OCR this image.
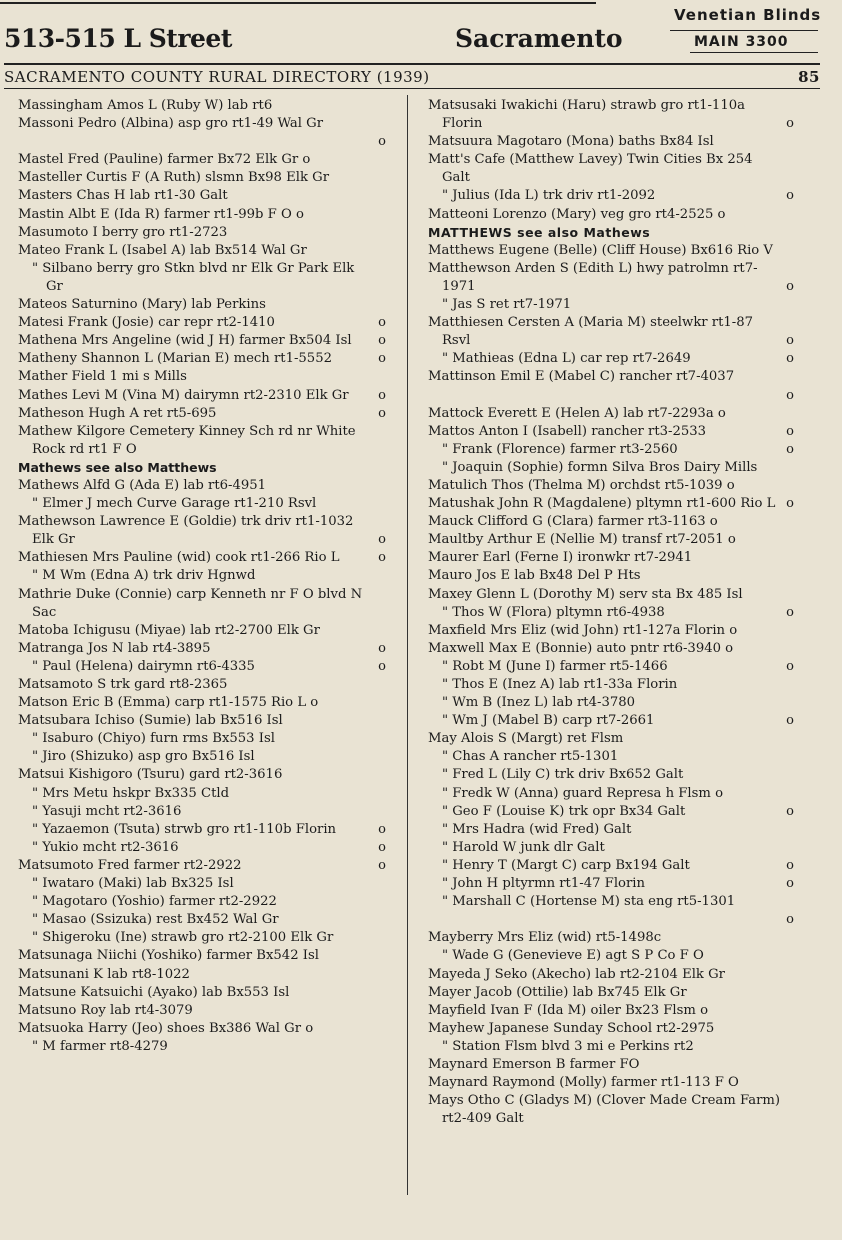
513-515 L Street	Sacramento
Venetian Blinds
MAIN 3300
SACRAMENTO COUNTY RURAL DIRECTORY (1939)	85
Massingham Amos L (Ruby W) lab rt6
Massoni Pedro (Albina) asp gro rt1-49 Wal Gr
o
Mastel Fred (Pauline) farmer Bx72 Elk Gr o
Masteller Curtis F (A Ruth) slsmn Bx98 Elk Gr
Masters Chas H lab rt1-30 Galt
Mastin Albt E (Ida R) farmer rt1-99b F O o
Masumoto I berry gro rt1-2723
Mateo Frank L (Isabel A) lab Bx514 Wal Gr
" Silbano berry gro Stkn blvd nr Elk Gr Park Elk Gr
Mateos Saturnino (Mary) lab Perkins
Matesi Frank (Josie) car repr rt2-1410	o
Mathena Mrs Angeline (wid J H) farmer Bx504 Isl	o
Matheny Shannon L (Marian E) mech rt1-5552	o
Mather Field 1 mi s Mills
Mathes Levi M (Vina M) dairymn rt2-2310 Elk Gr	o
Matheson Hugh A ret rt5-695	o
Mathew Kilgore Cemetery Kinney Sch rd nr White Rock rd rt1 F O
Mathews see also Matthews
Mathews Alfd G (Ada E) lab rt6-4951
" Elmer J mech Curve Garage rt1-210 Rsvl
Mathewson Lawrence E (Goldie) trk driv rt1-1032 Elk Gr	o
Mathiesen Mrs Pauline (wid) cook rt1-266 Rio L	o
" M Wm (Edna A) trk driv Hgnwd
Mathrie Duke (Connie) carp Kenneth nr F O blvd N Sac
Matoba Ichigusu (Miyae) lab rt2-2700 Elk Gr
Matranga Jos N lab rt4-3895	o
" Paul (Helena) dairymn rt6-4335	o
Matsamoto S trk gard rt8-2365
Matson Eric B (Emma) carp rt1-1575 Rio L o
Matsubara Ichiso (Sumie) lab Bx516 Isl
" Isaburo (Chiyo) furn rms Bx553 Isl
" Jiro (Shizuko) asp gro Bx516 Isl
Matsui Kishigoro (Tsuru) gard rt2-3616
" Mrs Metu hskpr Bx335 Ctld
" Yasuji mcht rt2-3616
" Yazaemon (Tsuta) strwb gro rt1-110b Florin	o
" Yukio mcht rt2-3616	o
Matsumoto Fred farmer rt2-2922	o
" Iwataro (Maki) lab Bx325 Isl
" Magotaro (Yoshio) farmer rt2-2922
" Masao (Ssizuka) rest Bx452 Wal Gr
" Shigeroku (Ine) strawb gro rt2-2100 Elk Gr
Matsunaga Niichi (Yoshiko) farmer Bx542 Isl
Matsunani K lab rt8-1022
Matsune Katsuichi (Ayako) lab Bx553 Isl
Matsuno Roy lab rt4-3079
Matsuoka Harry (Jeo) shoes Bx386 Wal Gr o
" M farmer rt8-4279
Matsusaki Iwakichi (Haru) strawb gro rt1-110a Florin	o
Matsuura Magotaro (Mona) baths Bx84 Isl
Matt's Cafe (Matthew Lavey) Twin Cities Bx 254 Galt
" Julius (Ida L) trk driv rt1-2092	o
Matteoni Lorenzo (Mary) veg gro rt4-2525 o
MATTHEWS see also Mathews
Matthews Eugene (Belle) (Cliff House) Bx616 Rio V
Matthewson Arden S (Edith L) hwy patrolmn rt7-1971	o
" Jas S ret rt7-1971
Matthiesen Cersten A (Maria M) steelwkr rt1-87 Rsvl	o
" Mathieas (Edna L) car rep rt7-2649	o
Mattinson Emil E (Mabel C) rancher rt7-4037
o
Mattock Everett E (Helen A) lab rt7-2293a o
Mattos Anton I (Isabell) rancher rt3-2533	o
" Frank (Florence) farmer rt3-2560	o
" Joaquin (Sophie) formn Silva Bros Dairy Mills
Matulich Thos (Thelma M) orchdst rt5-1039 o
Matushak John R (Magdalene) pltymn rt1-600 Rio L o
Mauck Clifford G (Clara) farmer rt3-1163 o
Maultby Arthur E (Nellie M) transf rt7-2051 o
Maurer Earl (Ferne I) ironwkr rt7-2941
Mauro Jos E lab Bx48 Del P Hts
Maxey Glenn L (Dorothy M) serv sta Bx 485 Isl
" Thos W (Flora) pltymn rt6-4938	o
Maxfield Mrs Eliz (wid John) rt1-127a Florin o
Maxwell Max E (Bonnie) auto pntr rt6-3940 o
" Robt M (June I) farmer rt5-1466	o
" Thos E (Inez A) lab rt1-33a Florin
" Wm B (Inez L) lab rt4-3780
" Wm J (Mabel B) carp rt7-2661	o
May Alois S (Margt) ret Flsm
" Chas A rancher rt5-1301
" Fred L (Lily C) trk driv Bx652 Galt
" Fredk W (Anna) guard Represa h Flsm o
" Geo F (Louise K) trk opr Bx34 Galt	o
" Mrs Hadra (wid Fred) Galt
" Harold W junk dlr Galt
" Henry T (Margt C) carp Bx194 Galt	o
" John H pltyrmn rt1-47 Florin	o
" Marshall C (Hortense M) sta eng rt5-1301
o
Mayberry Mrs Eliz (wid) rt5-1498c
" Wade G (Genevieve E) agt S P Co F O
Mayeda J Seko (Akecho) lab rt2-2104 Elk Gr
Mayer Jacob (Ottilie) lab Bx745 Elk Gr
Mayfield Ivan F (Ida M) oiler Bx23 Flsm o
Mayhew Japanese Sunday School rt2-2975
" Station Flsm blvd 3 mi e Perkins rt2
Maynard Emerson B farmer FO
Maynard Raymond (Molly) farmer rt1-113 F O
Mays Otho C (Gladys M) (Clover Made Cream Farm) rt2-409 Galt
